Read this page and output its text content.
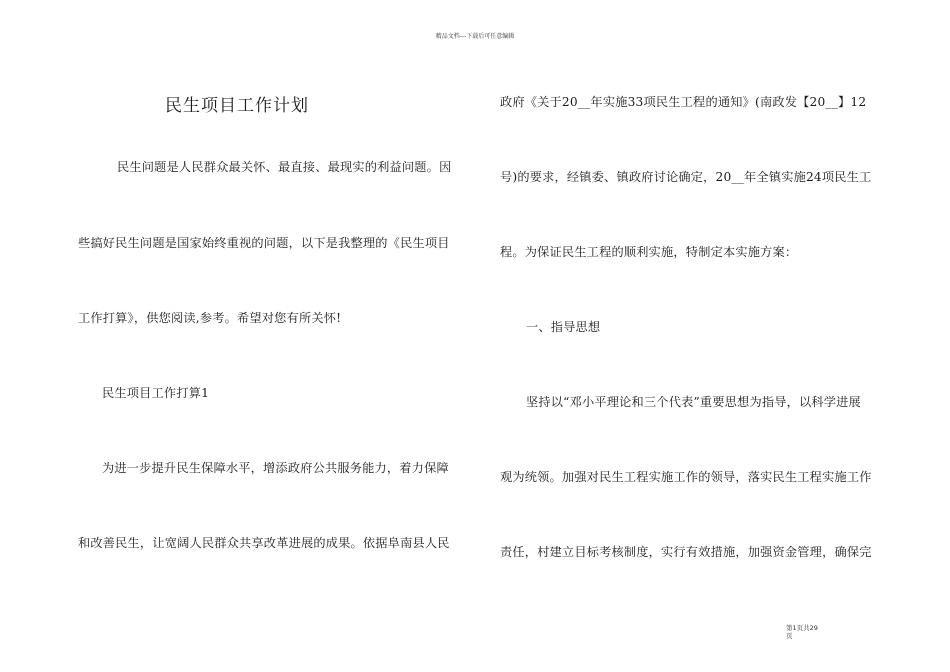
精品文档---下载后可任意编辑
民生项目工作计划
民生问题是人民群众最关怀、最直接、最现实的利益问题。因
些搞好民生问题是国家始终重视的问题，以下是我整理的《民生项目
工作打算》，供您阅读,参考。希望对您有所关怀!
民生项目工作打算1
为进一步提升民生保障水平，增添政府公共服务能力，着力保障
和改善民生，让宽阔人民群众共享改革进展的成果。依据阜南县人民
政府《关于20__年实施33项民生工程的通知》(南政发【20__】12
号)的要求，经镇委、镇政府讨论确定，20__年全镇实施24项民生工
程。为保证民生工程的顺利实施，特制定本实施方案：
一、指导思想
坚持以“邓小平理论和三个代表”重要思想为指导，以科学进展
观为统领。加强对民生工程实施工作的领导，落实民生工程实施工作
责任，村建立目标考核制度，实行有效措施，加强资金管理，确保完
第1页共29
页
